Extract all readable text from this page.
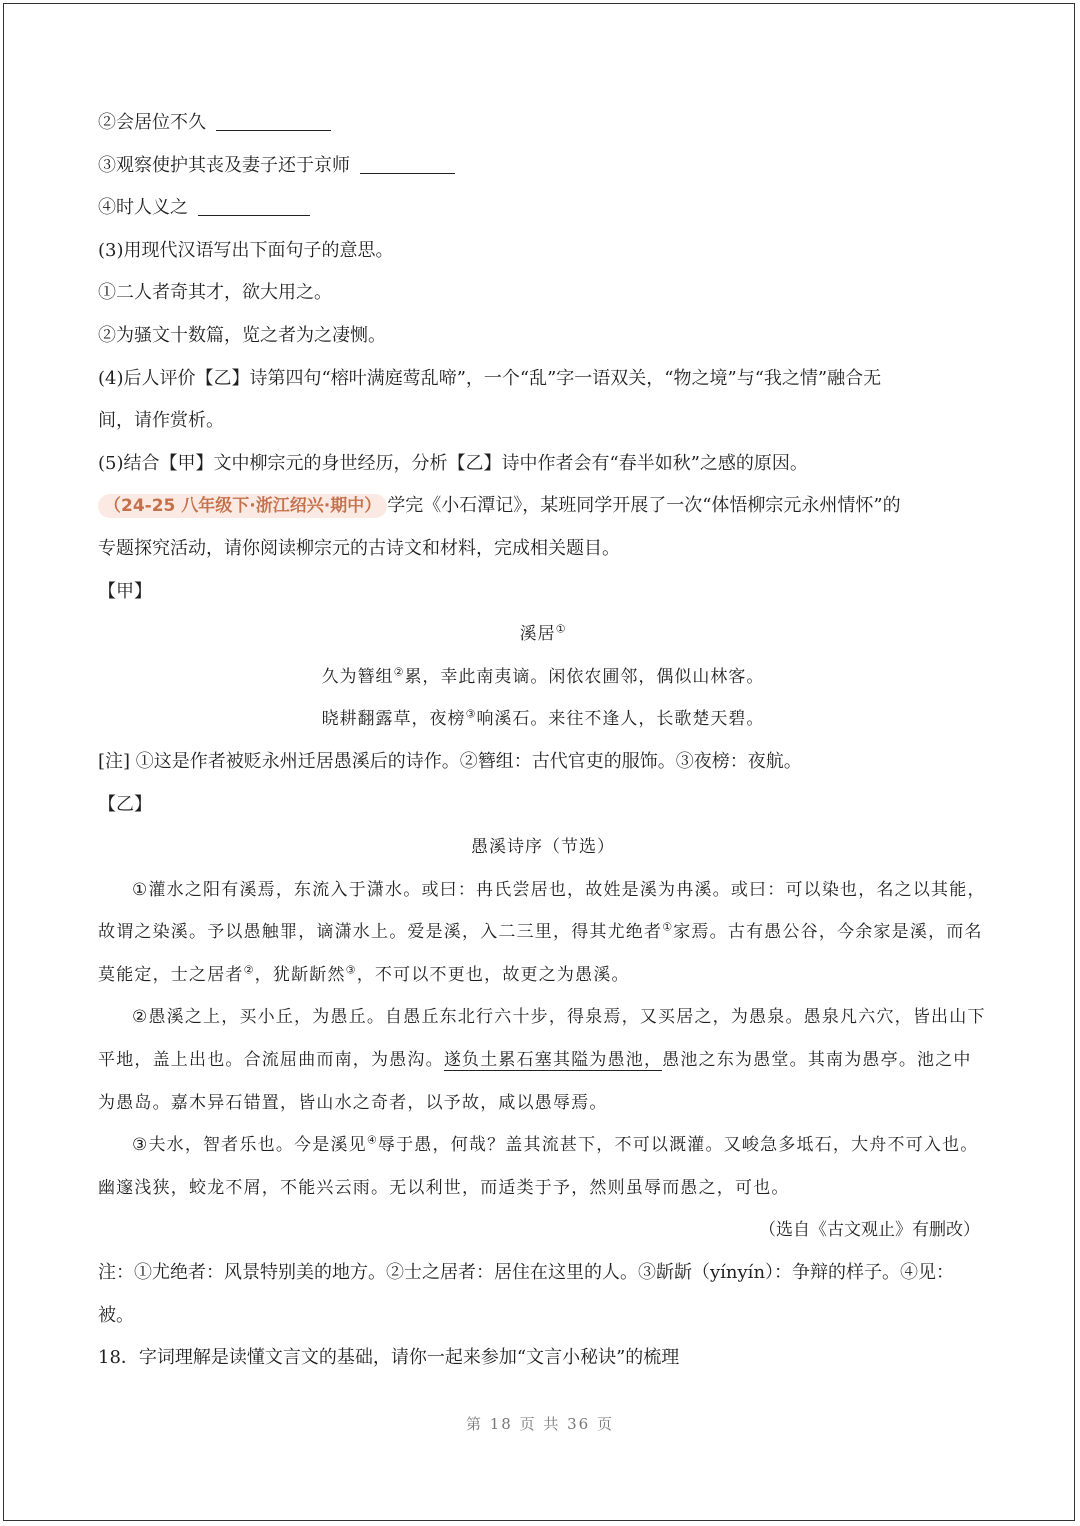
②会居位不久
③观察使护其丧及妻子还于京师
④时人义之
(3)用现代汉语写出下面句子的意思。
①二人者奇其才，欲大用之。
②为骚文十数篇，览之者为之凄恻。
(4)后人评价【乙】诗第四句“榕叶满庭莺乱啼”，一个“乱”字一语双关，“物之境”与“我之情”融合无
间，请作赏析。
(5)结合【甲】文中柳宗元的身世经历，分析【乙】诗中作者会有“春半如秋”之感的原因。
（24-25 八年级下·浙江绍兴·期中） 学完《小石潭记》，某班同学开展了一次“体悟柳宗元永州情怀”的
专题探究活动，请你阅读柳宗元的古诗文和材料，完成相关题目。
【甲】
溪居①
久为簪组②累，幸此南夷谪。闲依农圃邻，偶似山林客。
晓耕翻露草，夜榜③响溪石。来往不逢人，长歌楚天碧。
[注] ①这是作者被贬永州迁居愚溪后的诗作。②簪组：古代官吏的服饰。③夜榜：夜航。
【乙】
愚溪诗序（节选）
①灌水之阳有溪焉，东流入于潇水。或曰：冉氏尝居也，故姓是溪为冉溪。或曰：可以染也，名之以其能，故谓之染溪。予以愚触罪，谪潇水上。爱是溪，入二三里，得其尤绝者①家焉。古有愚公谷，今余家是溪，而名莫能定，士之居者②，犹龂龂然③，不可以不更也，故更之为愚溪。
②愚溪之上，买小丘，为愚丘。自愚丘东北行六十步，得泉焉，又买居之，为愚泉。愚泉凡六穴，皆出山下平地，盖上出也。合流屈曲而南，为愚沟。遂负土累石塞其隘为愚池，愚池之东为愚堂。其南为愚亭。池之中为愚岛。嘉木异石错置，皆山水之奇者，以予故，咸以愚辱焉。
③夫水，智者乐也。今是溪见④辱于愚，何哉？盖其流甚下，不可以溉灌。又峻急多坻石，大舟不可入也。幽邃浅狭，蛟龙不屑，不能兴云雨。无以利世，而适类于予，然则虽辱而愚之，可也。
（选自《古文观止》有删改）
注：①尤绝者：风景特别美的地方。②士之居者：居住在这里的人。③龂龂（yínyín）：争辩的样子。④见：
被。
18．字词理解是读懂文言文的基础，请你一起来参加“文言小秘诀”的梳理
第 18 页 共 36 页
